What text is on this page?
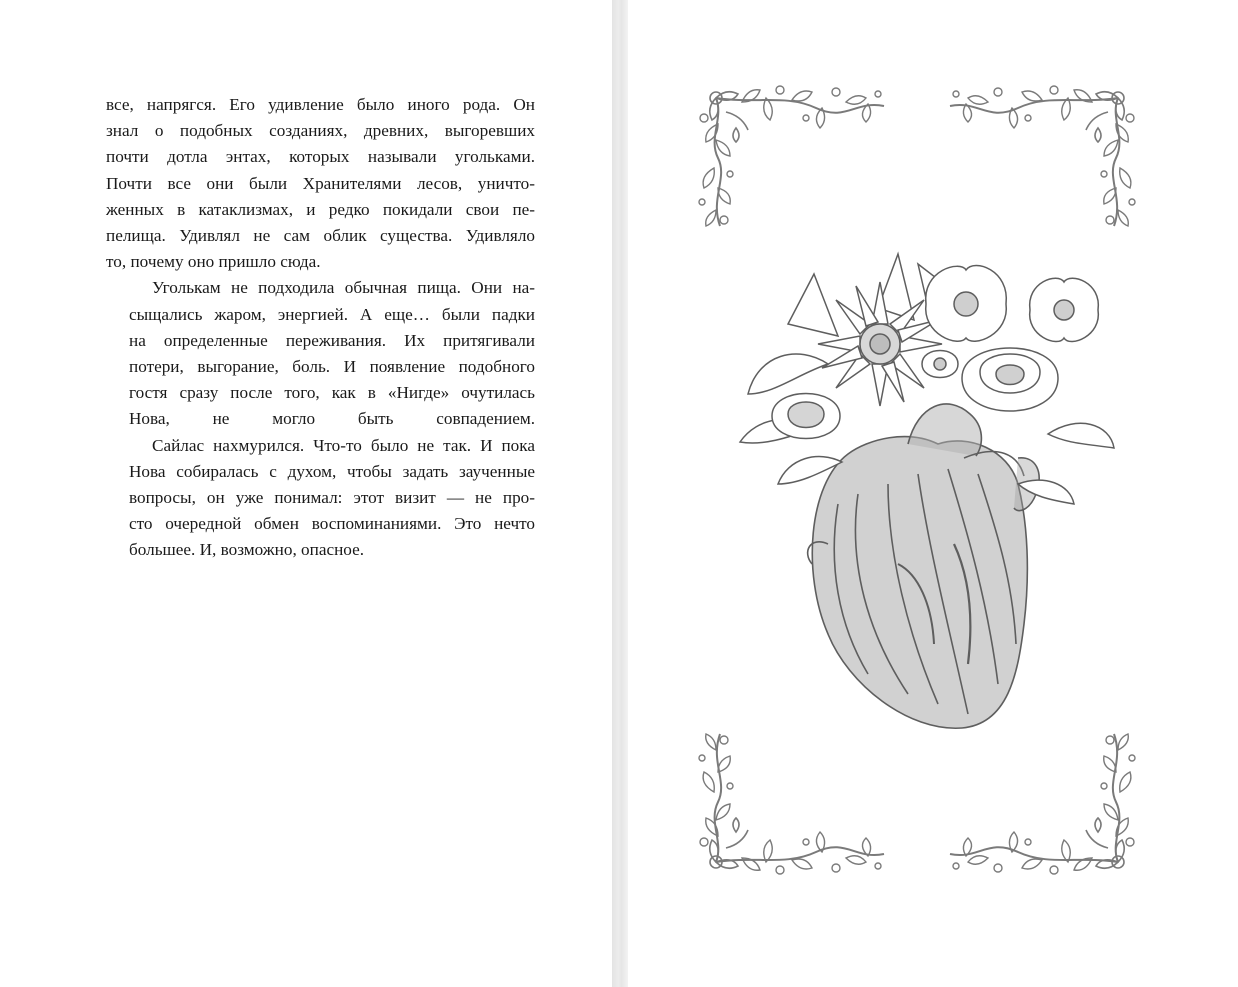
все, напрягся. Его удивление было иного рода. Он
знал о подобных созданиях, древних, выгоревших
почти дотла энтах, которых называли угольками.
Почти все они были Хранителями лесов, уничто-
женных в катаклизмах, и редко покидали свои пе-
пелища. Удивлял не сам облик существа. Удивляло
то, почему оно пришло сюда.

Уголькам не подходила обычная пища. Они на-
сыщались жаром, энергией. А еще… были падки
на определенные переживания. Их притягивали
потери, выгорание, боль. И появление подобного
гостя сразу после того, как в «Нигде» очутилась
Нова, не могло быть совпадением.

Сайлас нахмурился. Что-то было не так. И пока
Нова собиралась с духом, чтобы задать заученные
вопросы, он уже понимал: этот визит — не про-
сто очередной обмен воспоминаниями. Это нечто
большее. И, возможно, опасное.
